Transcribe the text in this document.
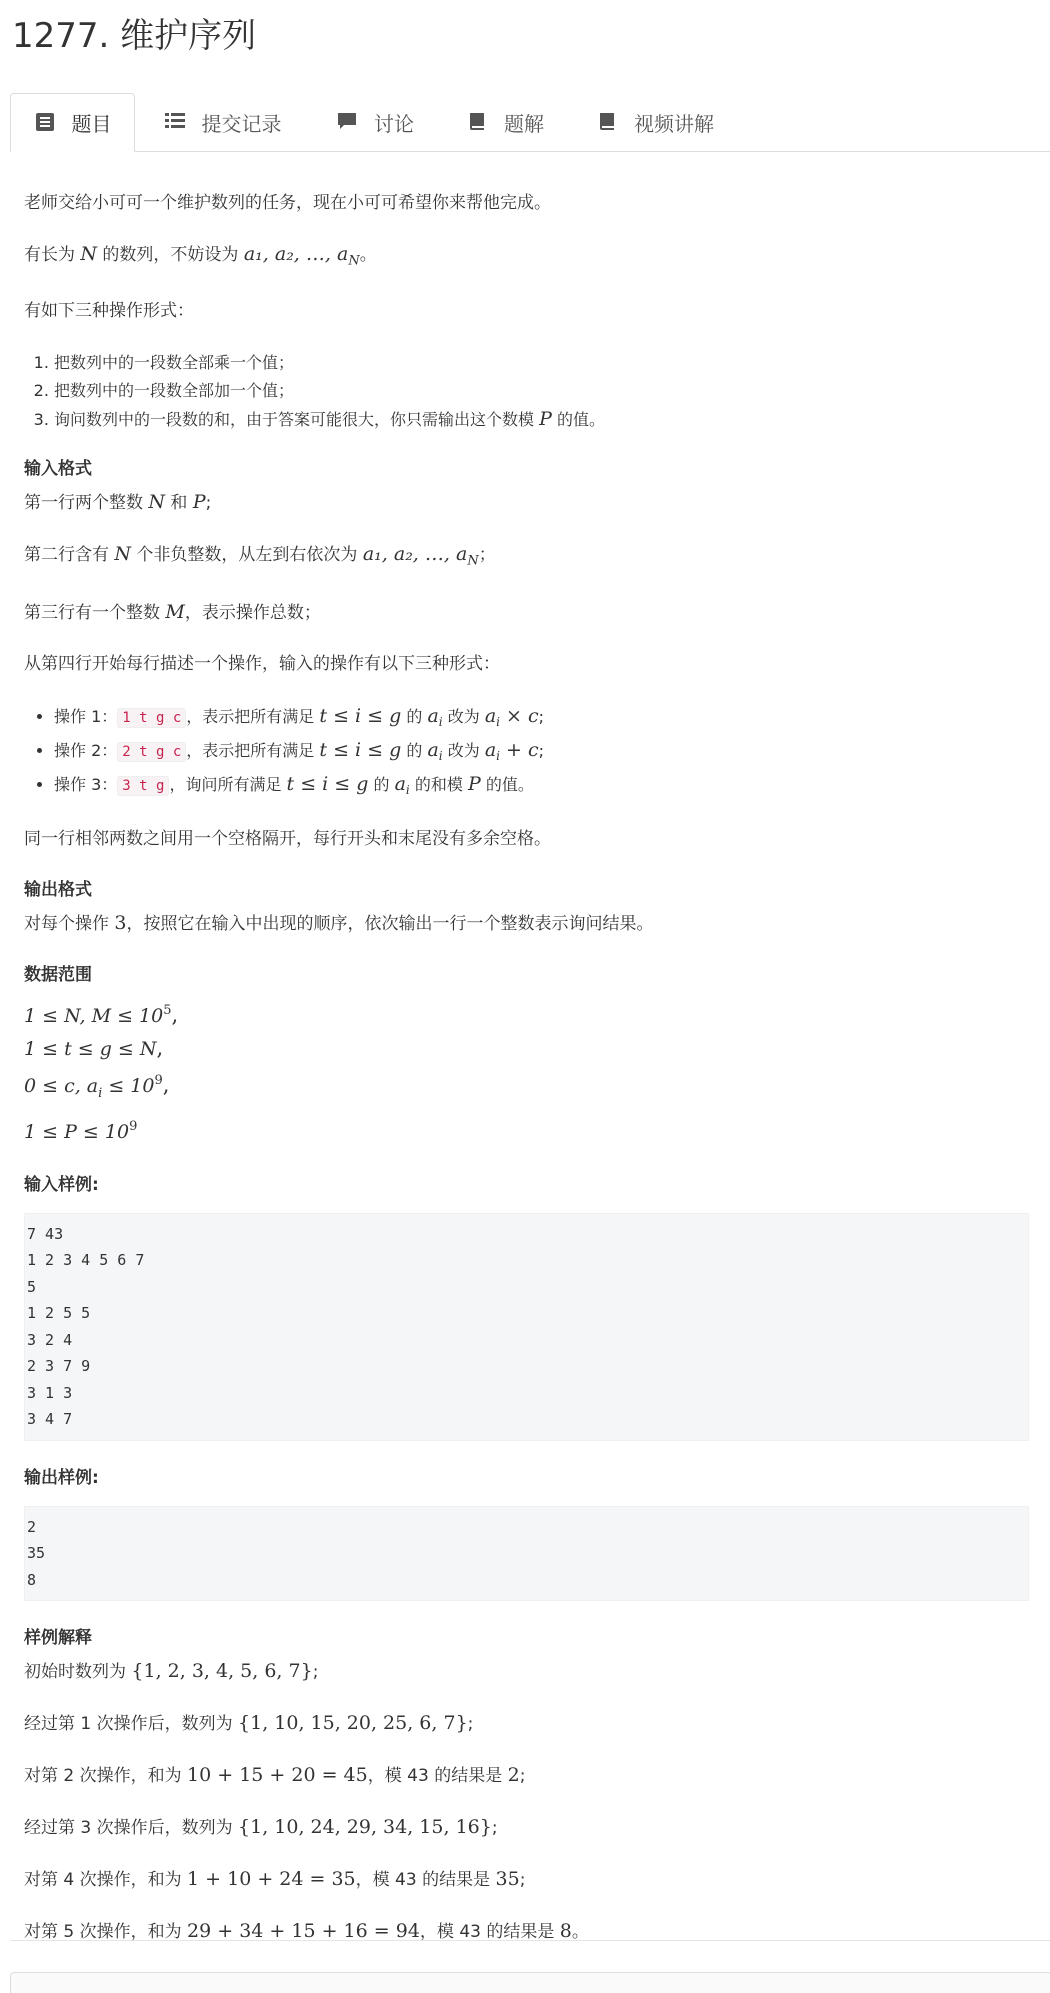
1277. 维护序列
题目	提交记录	讨论	题解	视频讲解

老师交给小可可一个维护数列的任务，现在小可可希望你来帮他完成。

有长为 N 的数列，不妨设为 a₁, a₂, …, $a_N$。

有如下三种操作形式：

1. 把数列中的一段数全部乘一个值；
2. 把数列中的一段数全部加一个值；
3. 询问数列中的一段数的和，由于答案可能很大，你只需输出这个数模 P 的值。
输入格式

第一行两个整数 N 和 P;

第二行含有 N 个非负整数，从左到右依次为 a₁, a₂, …, $a_N$；

第三行有一个整数 M，表示操作总数；

从第四行开始每行描述一个操作，输入的操作有以下三种形式：

• 操作 1： 1 t g c ，表示把所有满足 t ≤ i ≤ g 的 $a_i$ 改为 $a_i \times c$;
• 操作 2： 2 t g c ，表示把所有满足 t ≤ i ≤ g 的 $a_i$ 改为 $a_i + c$;
• 操作 3： 3 t g ，询问所有满足 t ≤ i ≤ g 的 $a_i$ 的和模 P 的值。

同一行相邻两数之间用一个空格隔开，每行开头和末尾没有多余空格。

输出格式

对每个操作 3，按照它在输入中出现的顺序，依次输出一行一个整数表示询问结果。

数据范围
1 ≤ N, $M \le 10^5$,
1 ≤ t ≤ g ≤ N,
0 ≤ c, $a_i \le 10^9$,
$1 \le P \le 10^9$
输入样例:
7 43
1 2 3 4 5 6 7
5
1 2 5 5
3 2 4
2 3 7 9
3 1 3
3 4 7
输出样例:
2
35
8
样例解释

初始时数列为 {1, 2, 3, 4, 5, 6, 7};

经过第 1 次操作后，数列为 {1, 10, 15, 20, 25, 6, 7};

对第 2 次操作，和为 10 + 15 + 20 = 45，模 43 的结果是 2;

经过第 3 次操作后，数列为 {1, 10, 24, 29, 34, 15, 16};

对第 4 次操作，和为 1 + 10 + 24 = 35，模 43 的结果是 35;

对第 5 次操作，和为 29 + 34 + 15 + 16 = 94，模 43 的结果是 8。
